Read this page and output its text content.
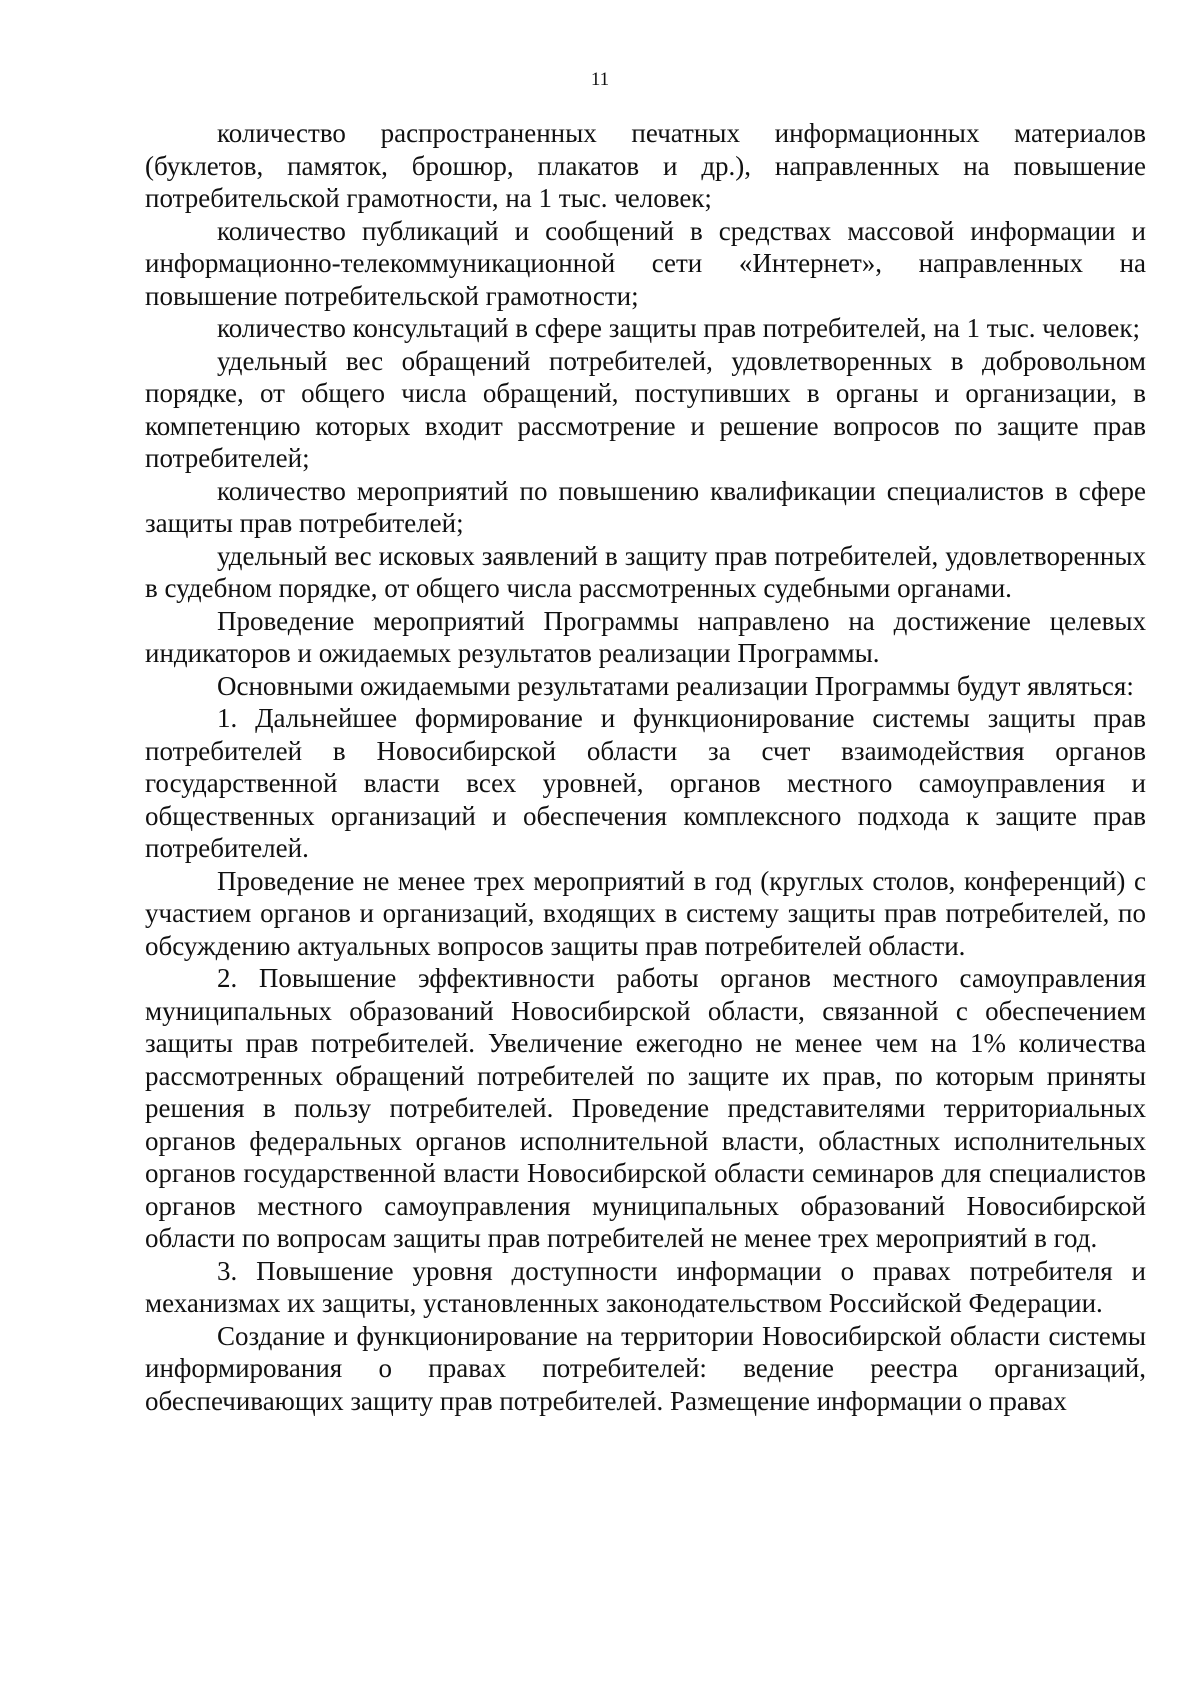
11

количество распространенных печатных информационных материалов (буклетов, памяток, брошюр, плакатов и др.), направленных на повышение потребительской грамотности, на 1 тыс. человек;

количество публикаций и сообщений в средствах массовой информации и информационно-телекоммуникационной сети «Интернет», направленных на повышение потребительской грамотности;

количество консультаций в сфере защиты прав потребителей, на 1 тыс. человек;

удельный вес обращений потребителей, удовлетворенных в добровольном порядке, от общего числа обращений, поступивших в органы и организации, в компетенцию которых входит рассмотрение и решение вопросов по защите прав потребителей;

количество мероприятий по повышению квалификации специалистов в сфере защиты прав потребителей;

удельный вес исковых заявлений в защиту прав потребителей, удовлетворенных в судебном порядке, от общего числа рассмотренных судебными органами.

Проведение мероприятий Программы направлено на достижение целевых индикаторов и ожидаемых результатов реализации Программы.

Основными ожидаемыми результатами реализации Программы будут являться:

1. Дальнейшее формирование и функционирование системы защиты прав потребителей в Новосибирской области за счет взаимодействия органов государственной власти всех уровней, органов местного самоуправления и общественных организаций и обеспечения комплексного подхода к защите прав потребителей.

Проведение не менее трех мероприятий в год (круглых столов, конференций) с участием органов и организаций, входящих в систему защиты прав потребителей, по обсуждению актуальных вопросов защиты прав потребителей области.

2. Повышение эффективности работы органов местного самоуправления муниципальных образований Новосибирской области, связанной с обеспечением защиты прав потребителей. Увеличение ежегодно не менее чем на 1% количества рассмотренных обращений потребителей по защите их прав, по которым приняты решения в пользу потребителей. Проведение представителями территориальных органов федеральных органов исполнительной власти, областных исполнительных органов государственной власти Новосибирской области семинаров для специалистов органов местного самоуправления муниципальных образований Новосибирской области по вопросам защиты прав потребителей не менее трех мероприятий в год.

3. Повышение уровня доступности информации о правах потребителя и механизмах их защиты, установленных законодательством Российской Федерации.

Создание и функционирование на территории Новосибирской области системы информирования о правах потребителей: ведение реестра организаций, обеспечивающих защиту прав потребителей. Размещение информации о правах
